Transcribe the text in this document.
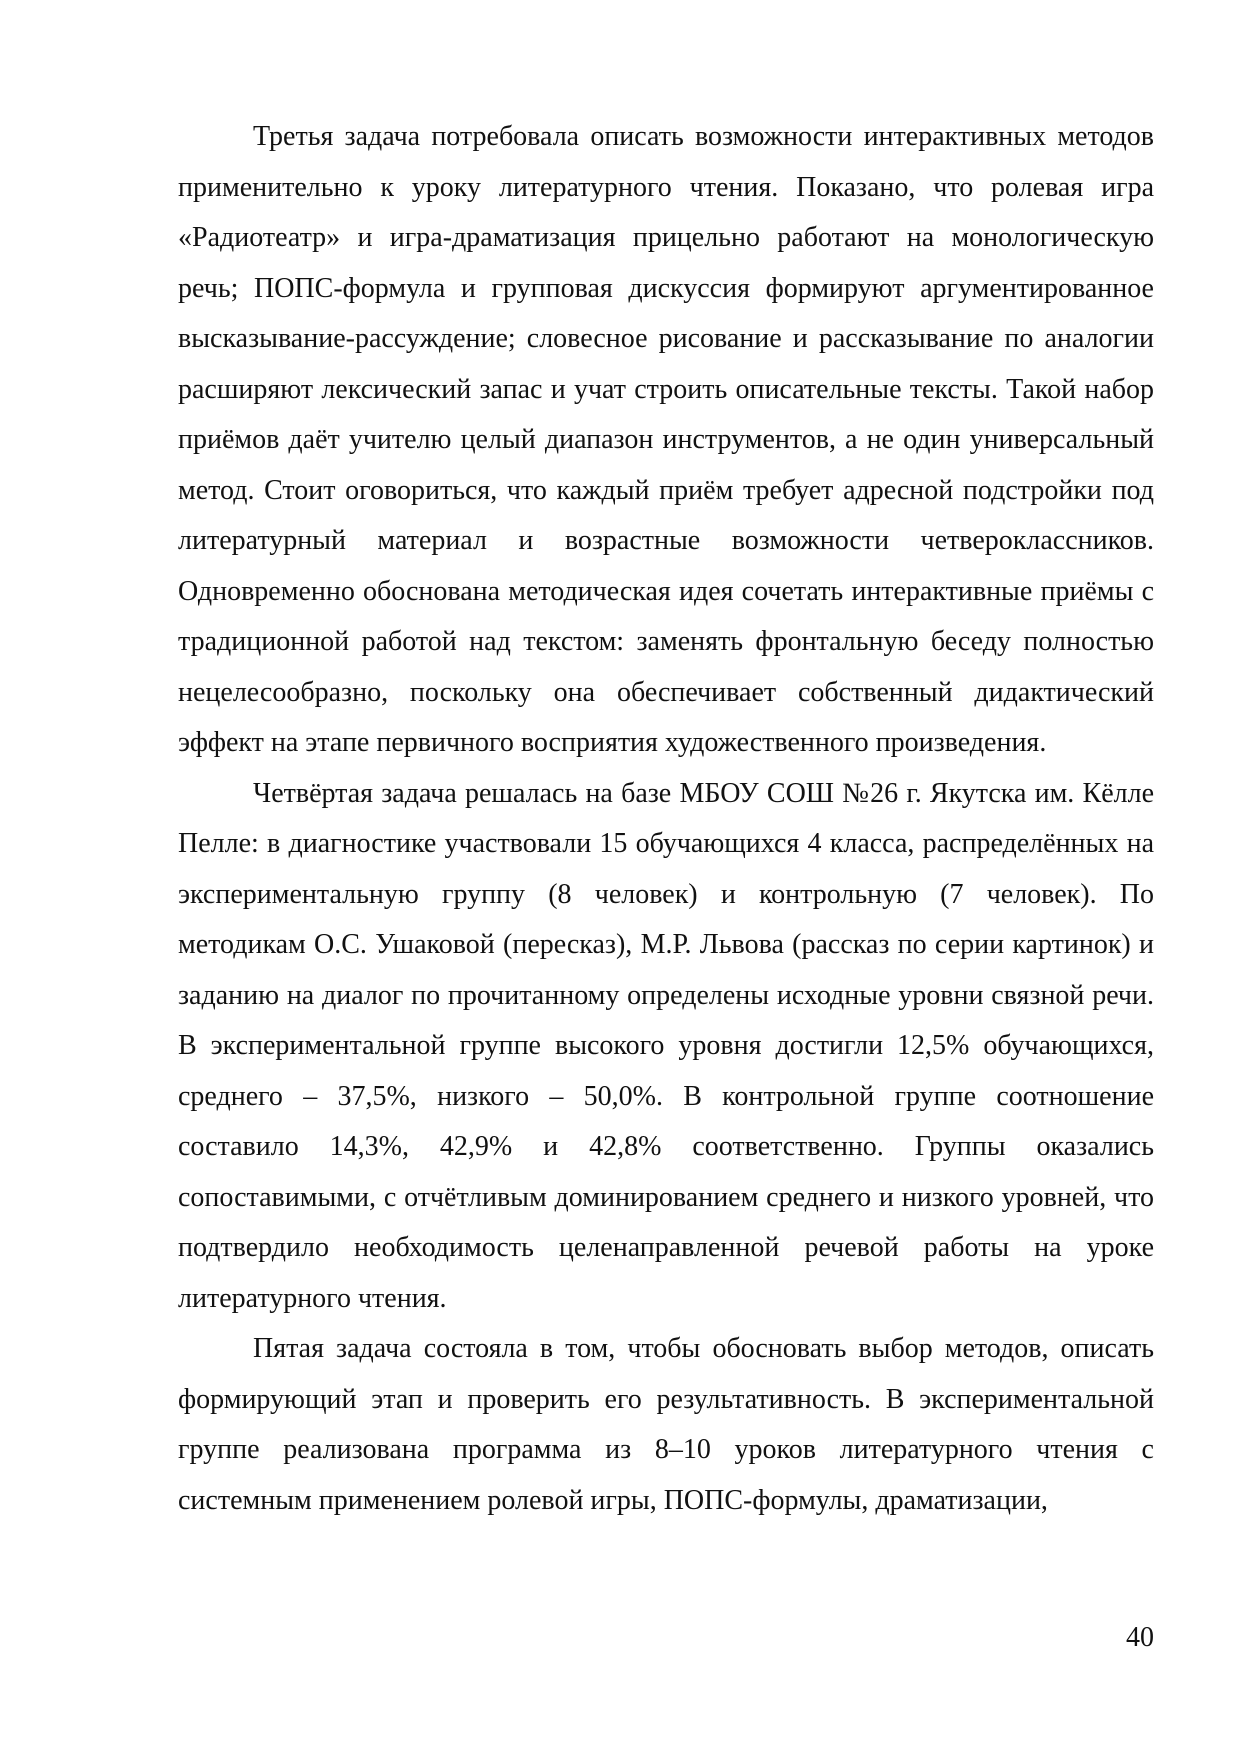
Третья задача потребовала описать возможности интерактивных методов применительно к уроку литературного чтения. Показано, что ролевая игра «Радиотеатр» и игра-драматизация прицельно работают на монологическую речь; ПОПС-формула и групповая дискуссия формируют аргументированное высказывание-рассуждение; словесное рисование и рассказывание по аналогии расширяют лексический запас и учат строить описательные тексты. Такой набор приёмов даёт учителю целый диапазон инструментов, а не один универсальный метод. Стоит оговориться, что каждый приём требует адресной подстройки под литературный материал и возрастные возможности четвероклассников. Одновременно обоснована методическая идея сочетать интерактивные приёмы с традиционной работой над текстом: заменять фронтальную беседу полностью нецелесообразно, поскольку она обеспечивает собственный дидактический эффект на этапе первичного восприятия художественного произведения.

Четвёртая задача решалась на базе МБОУ СОШ №26 г. Якутска им. Кёлле Пелле: в диагностике участвовали 15 обучающихся 4 класса, распределённых на экспериментальную группу (8 человек) и контрольную (7 человек). По методикам О.С. Ушаковой (пересказ), М.Р. Львова (рассказ по серии картинок) и заданию на диалог по прочитанному определены исходные уровни связной речи. В экспериментальной группе высокого уровня достигли 12,5% обучающихся, среднего – 37,5%, низкого – 50,0%. В контрольной группе соотношение составило 14,3%, 42,9% и 42,8% соответственно. Группы оказались сопоставимыми, с отчётливым доминированием среднего и низкого уровней, что подтвердило необходимость целенаправленной речевой работы на уроке литературного чтения.

Пятая задача состояла в том, чтобы обосновать выбор методов, описать формирующий этап и проверить его результативность. В экспериментальной группе реализована программа из 8–10 уроков литературного чтения с системным применением ролевой игры, ПОПС-формулы, драматизации,

40
